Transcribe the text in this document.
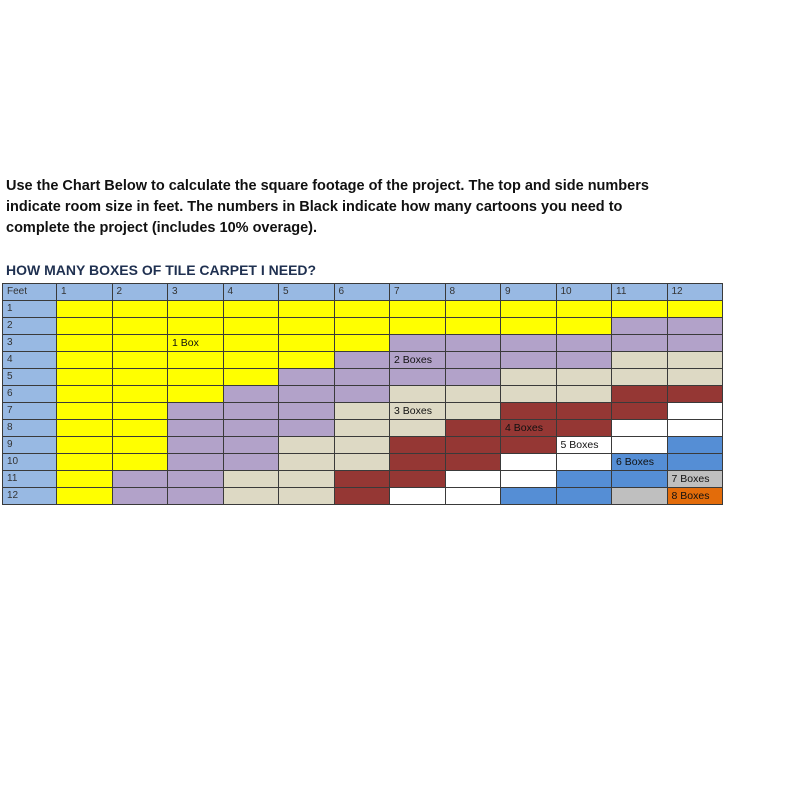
Use the Chart Below to calculate the square footage of the project. The top and side numbers

indicate room size in feet. The numbers in Black indicate how many cartoons you need to

complete the project (includes 10% overage).

HOW MANY BOXES OF TILE CARPET I NEED?
Feet	1	2	3	4	5	6	7	8	9	10	11	12
1												
2												
3			1 Box									
4							2 Boxes					
5												
6												
7							3 Boxes					
8									4 Boxes			
9										5 Boxes		
10											6 Boxes	
11												7 Boxes
12												8 Boxes
